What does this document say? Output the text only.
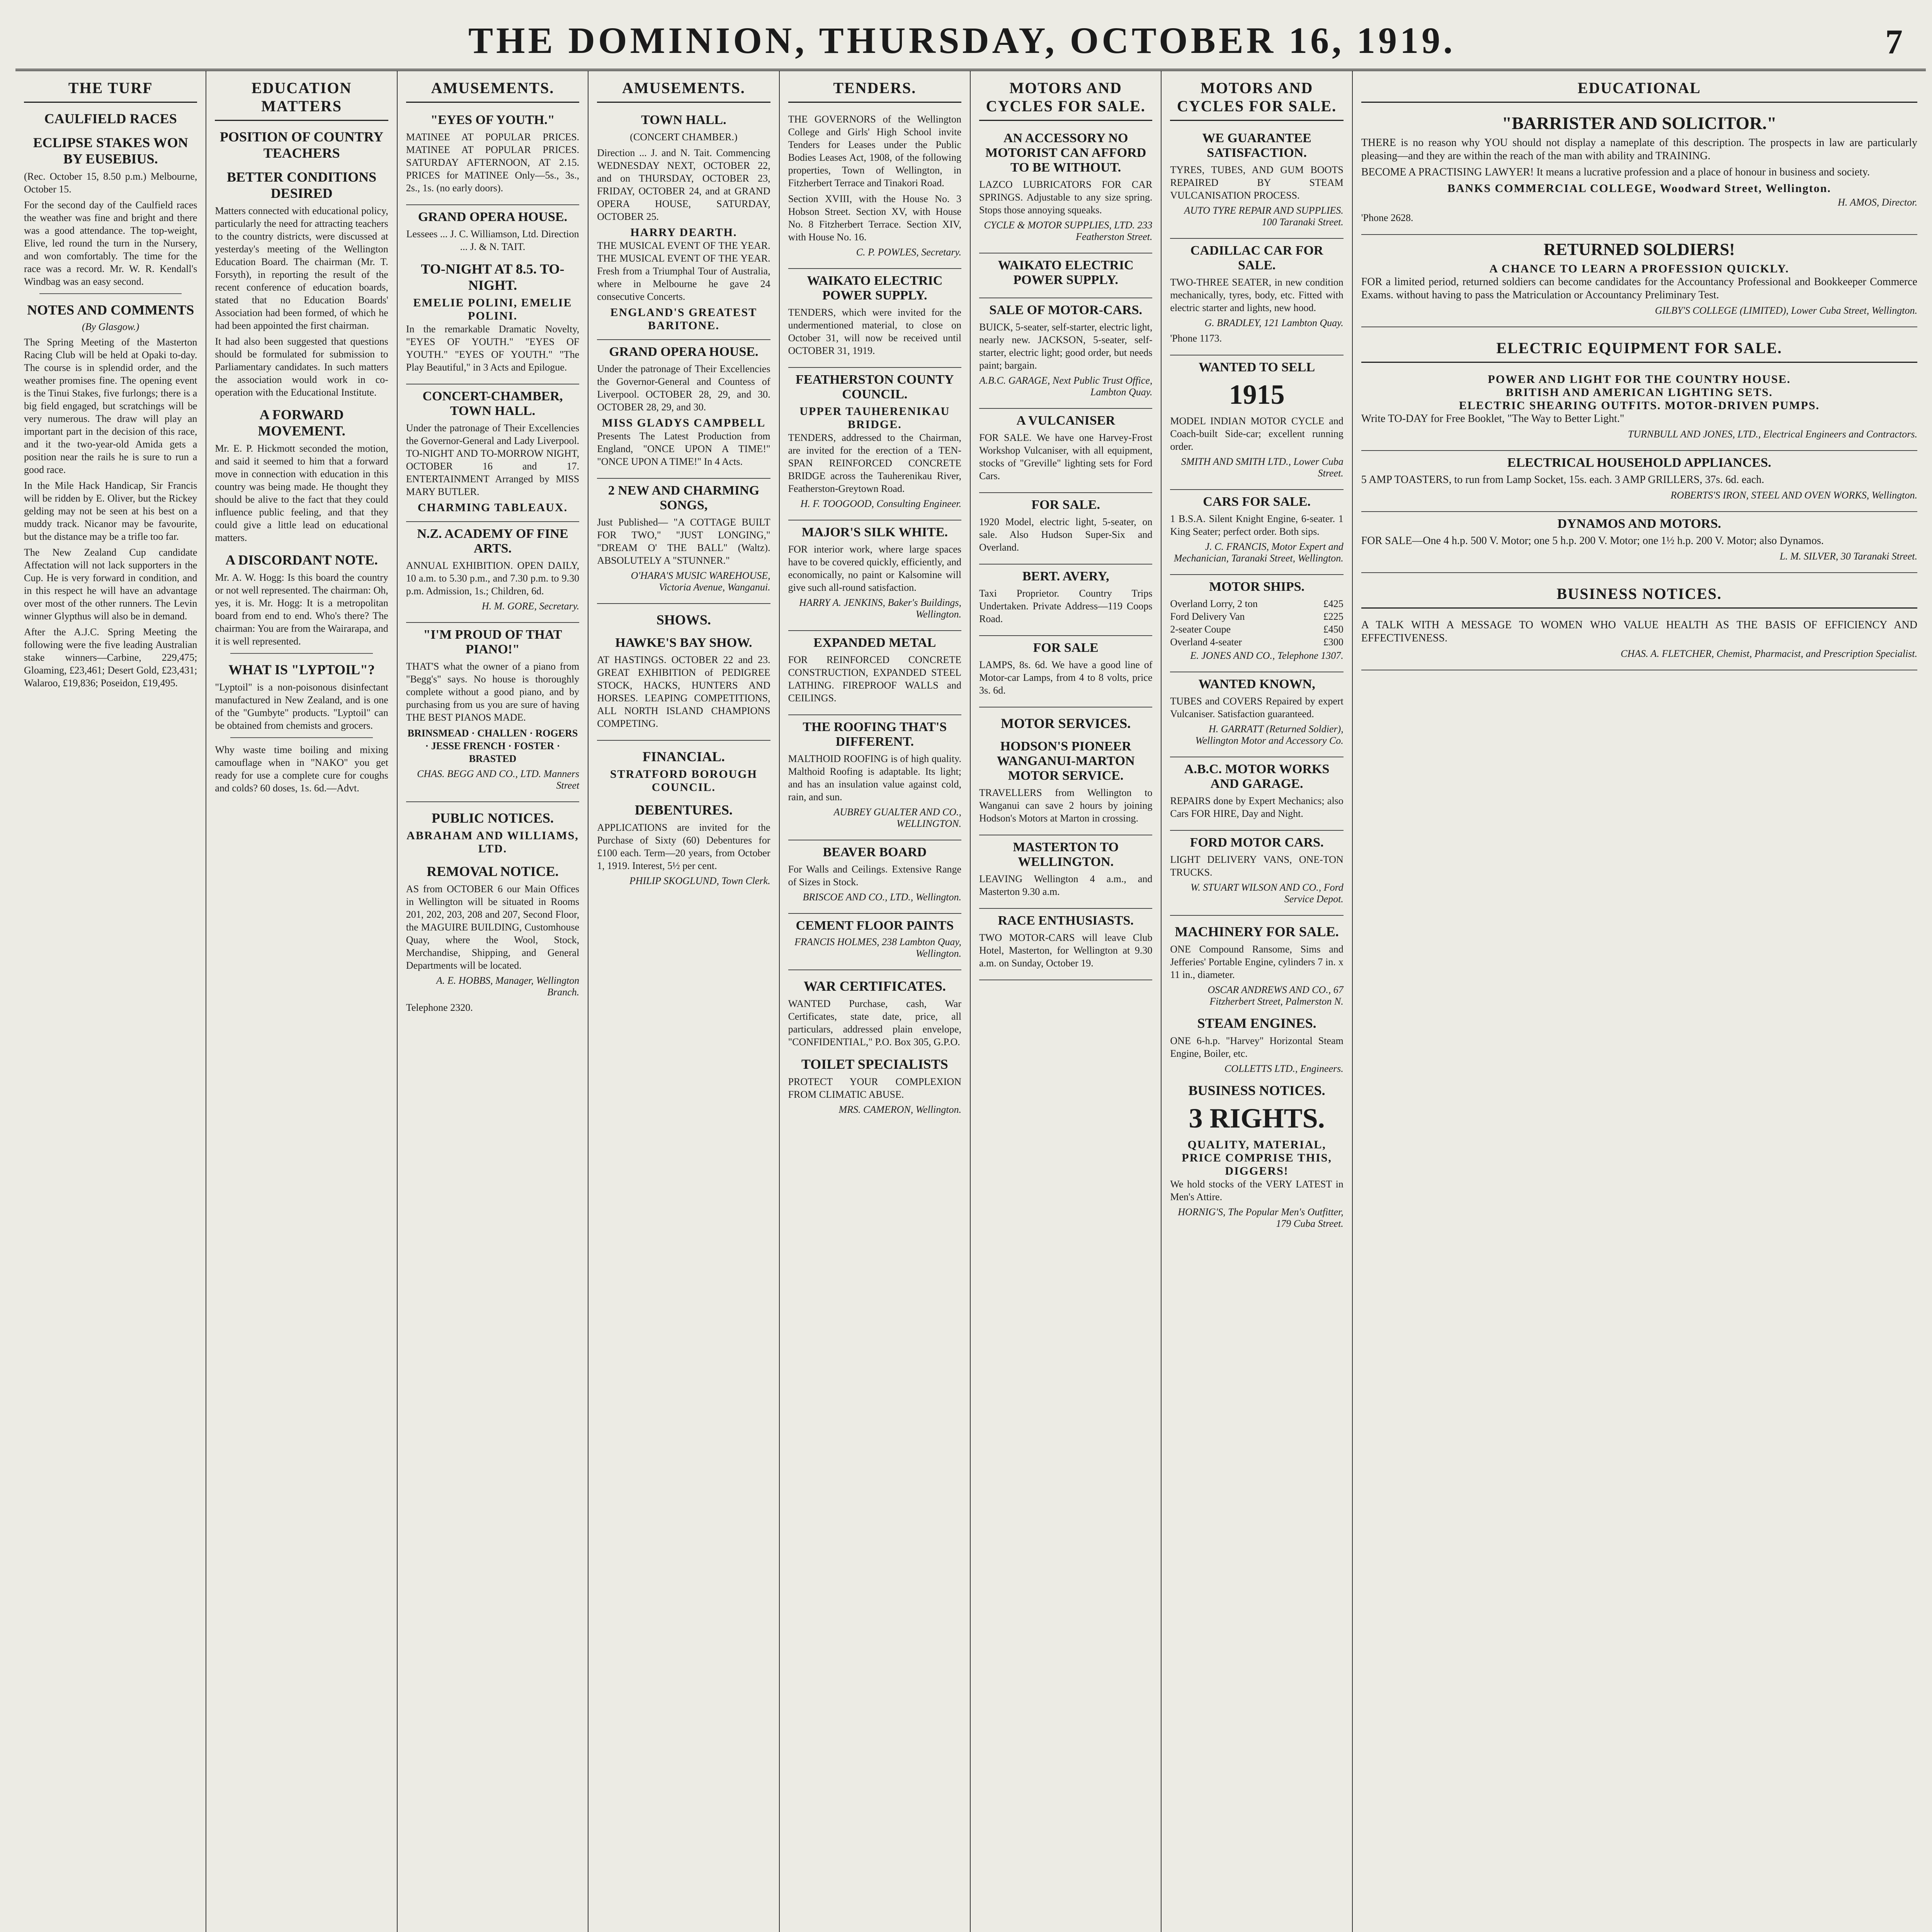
THE DOMINION, THURSDAY, OCTOBER 16, 1919.	7
THE TURF
CAULFIELD RACES
ECLIPSE STAKES WON BY EUSEBIUS.

(Rec. October 15, 8.50 p.m.) Melbourne, October 15.

For the second day of the Caulfield races the weather was fine and bright and there was a good attendance. The top-weight, Elive, led round the turn in the Nursery, and won comfortably. The time for the race was a record. Mr. W. R. Kendall's Windbag was an easy second.

NOTES AND COMMENTS
(By Glasgow.)

The Spring Meeting of the Masterton Racing Club will be held at Opaki to-day. The course is in splendid order, and the weather promises fine. The opening event is the Tinui Stakes, five furlongs; there is a big field engaged, but scratchings will be very numerous. The draw will play an important part in the decision of this race, and it the two-year-old Amida gets a position near the rails he is sure to run a good race.

In the Mile Hack Handicap, Sir Francis will be ridden by E. Oliver, but the Rickey gelding may not be seen at his best on a muddy track. Nicanor may be favourite, but the distance may be a trifle too far.

The New Zealand Cup candidate Affectation will not lack supporters in the Cup. He is very forward in condition, and in this respect he will have an advantage over most of the other runners. The Levin winner Glypthus will also be in demand.

After the A.J.C. Spring Meeting the following were the five leading Australian stake winners—Carbine, 229,475; Gloaming, £23,461; Desert Gold, £23,431; Walaroo, £19,836; Poseidon, £19,495.

EDUCATION MATTERS
POSITION OF COUNTRY TEACHERS
BETTER CONDITIONS DESIRED

Matters connected with educational policy, particularly the need for attracting teachers to the country districts, were discussed at yesterday's meeting of the Wellington Education Board. The chairman (Mr. T. Forsyth), in reporting the result of the recent conference of education boards, stated that no Education Boards' Association had been formed, of which he had been appointed the first chairman.

It had also been suggested that questions should be formulated for submission to Parliamentary candidates. In such matters the association would work in co-operation with the Educational Institute.

A FORWARD MOVEMENT.

Mr. E. P. Hickmott seconded the motion, and said it seemed to him that a forward move in connection with education in this country was being made. He thought they should be alive to the fact that they could influence public feeling, and that they could give a little lead on educational matters.

A DISCORDANT NOTE.

Mr. A. W. Hogg: Is this board the country or not well represented. The chairman: Oh, yes, it is. Mr. Hogg: It is a metropolitan board from end to end. Who's there? The chairman: You are from the Wairarapa, and it is well represented.

WHAT IS "LYPTOIL"?

"Lyptoil" is a non-poisonous disinfectant manufactured in New Zealand, and is one of the "Gumbyte" products. "Lyptoil" can be obtained from chemists and grocers.

Why waste time boiling and mixing camouflage when in "NAKO" you get ready for use a complete cure for coughs and colds? 60 doses, 1s. 6d.—Advt.

AMUSEMENTS.
"EYES OF YOUTH."

MATINEE AT POPULAR PRICES. MATINEE AT POPULAR PRICES. SATURDAY AFTERNOON, AT 2.15. PRICES for MATINEE Only—5s., 3s., 2s., 1s. (no early doors).

GRAND OPERA HOUSE.

Lessees ... J. C. Williamson, Ltd. Direction ... J. & N. TAIT.

TO-NIGHT AT 8.5. TO-NIGHT.
EMELIE POLINI, EMELIE POLINI.

In the remarkable Dramatic Novelty, "EYES OF YOUTH." "EYES OF YOUTH." "EYES OF YOUTH." "The Play Beautiful," in 3 Acts and Epilogue.

CONCERT-CHAMBER, TOWN HALL.

Under the patronage of Their Excellencies the Governor-General and Lady Liverpool. TO-NIGHT AND TO-MORROW NIGHT, OCTOBER 16 and 17. ENTERTAINMENT Arranged by MISS MARY BUTLER.

CHARMING TABLEAUX.
N.Z. ACADEMY OF FINE ARTS.

ANNUAL EXHIBITION. OPEN DAILY, 10 a.m. to 5.30 p.m., and 7.30 p.m. to 9.30 p.m. Admission, 1s.; Children, 6d.

H. M. GORE, Secretary.
"I'M PROUD OF THAT PIANO!"

THAT'S what the owner of a piano from "Begg's" says. No house is thoroughly complete without a good piano, and by purchasing from us you are sure of having THE BEST PIANOS MADE.

BRINSMEAD · CHALLEN · ROGERS · JESSE FRENCH · FOSTER · BRASTED

CHAS. BEGG AND CO., LTD. Manners Street
PUBLIC NOTICES.
ABRAHAM AND WILLIAMS, LTD.
REMOVAL NOTICE.

AS from OCTOBER 6 our Main Offices in Wellington will be situated in Rooms 201, 202, 203, 208 and 207, Second Floor, the MAGUIRE BUILDING, Customhouse Quay, where the Wool, Stock, Merchandise, Shipping, and General Departments will be located.

A. E. HOBBS, Manager, Wellington Branch.

Telephone 2320.

AMUSEMENTS.
TOWN HALL.

(CONCERT CHAMBER.)

Direction ... J. and N. Tait. Commencing WEDNESDAY NEXT, OCTOBER 22, and on THURSDAY, OCTOBER 23, FRIDAY, OCTOBER 24, and at GRAND OPERA HOUSE, SATURDAY, OCTOBER 25.

HARRY DEARTH.

THE MUSICAL EVENT OF THE YEAR. THE MUSICAL EVENT OF THE YEAR. Fresh from a Triumphal Tour of Australia, where in Melbourne he gave 24 consecutive Concerts.

ENGLAND'S GREATEST BARITONE.
GRAND OPERA HOUSE.

Under the patronage of Their Excellencies the Governor-General and Countess of Liverpool. OCTOBER 28, 29, and 30. OCTOBER 28, 29, and 30.

MISS GLADYS CAMPBELL

Presents The Latest Production from England, "ONCE UPON A TIME!" "ONCE UPON A TIME!" In 4 Acts.

2 NEW AND CHARMING SONGS,

Just Published— "A COTTAGE BUILT FOR TWO," "JUST LONGING," "DREAM O' THE BALL" (Waltz). ABSOLUTELY A "STUNNER."

O'HARA'S MUSIC WAREHOUSE, Victoria Avenue, Wanganui.
SHOWS.
HAWKE'S BAY SHOW.

AT HASTINGS. OCTOBER 22 and 23. GREAT EXHIBITION of PEDIGREE STOCK, HACKS, HUNTERS AND HORSES. LEAPING COMPETITIONS, ALL NORTH ISLAND CHAMPIONS COMPETING.

FINANCIAL.
STRATFORD BOROUGH COUNCIL.
DEBENTURES.

APPLICATIONS are invited for the Purchase of Sixty (60) Debentures for £100 each. Term—20 years, from October 1, 1919. Interest, 5½ per cent.

PHILIP SKOGLUND, Town Clerk.
TENDERS.

THE GOVERNORS of the Wellington College and Girls' High School invite Tenders for Leases under the Public Bodies Leases Act, 1908, of the following properties, Town of Wellington, in Fitzherbert Terrace and Tinakori Road.

Section XVIII, with the House No. 3 Hobson Street. Section XV, with House No. 8 Fitzherbert Terrace. Section XIV, with House No. 16.

C. P. POWLES, Secretary.
WAIKATO ELECTRIC POWER SUPPLY.

TENDERS, which were invited for the undermentioned material, to close on October 31, will now be received until OCTOBER 31, 1919.

FEATHERSTON COUNTY COUNCIL.
UPPER TAUHERENIKAU BRIDGE.

TENDERS, addressed to the Chairman, are invited for the erection of a TEN-SPAN REINFORCED CONCRETE BRIDGE across the Tauherenikau River, Featherston-Greytown Road.

H. F. TOOGOOD, Consulting Engineer.
MAJOR'S SILK WHITE.

FOR interior work, where large spaces have to be covered quickly, efficiently, and economically, no paint or Kalsomine will give such all-round satisfaction.

HARRY A. JENKINS, Baker's Buildings, Wellington.
EXPANDED METAL

FOR REINFORCED CONCRETE CONSTRUCTION, EXPANDED STEEL LATHING. FIREPROOF WALLS and CEILINGS.

THE ROOFING THAT'S DIFFERENT.

MALTHOID ROOFING is of high quality. Malthoid Roofing is adaptable. Its light; and has an insulation value against cold, rain, and sun.

AUBREY GUALTER AND CO., WELLINGTON.
BEAVER BOARD

For Walls and Ceilings. Extensive Range of Sizes in Stock.

BRISCOE AND CO., LTD., Wellington.
CEMENT FLOOR PAINTS
FRANCIS HOLMES, 238 Lambton Quay, Wellington.
WAR CERTIFICATES.

WANTED Purchase, cash, War Certificates, state date, price, all particulars, addressed plain envelope, "CONFIDENTIAL," P.O. Box 305, G.P.O.

TOILET SPECIALISTS

PROTECT YOUR COMPLEXION FROM CLIMATIC ABUSE.

MRS. CAMERON, Wellington.
MOTORS AND CYCLES FOR SALE.
AN ACCESSORY NO MOTORIST CAN AFFORD TO BE WITHOUT.

LAZCO LUBRICATORS FOR CAR SPRINGS. Adjustable to any size spring. Stops those annoying squeaks.

CYCLE & MOTOR SUPPLIES, LTD. 233 Featherston Street.
WAIKATO ELECTRIC POWER SUPPLY.
SALE OF MOTOR-CARS.

BUICK, 5-seater, self-starter, electric light, nearly new. JACKSON, 5-seater, self-starter, electric light; good order, but needs paint; bargain.

A.B.C. GARAGE, Next Public Trust Office, Lambton Quay.
A VULCANISER

FOR SALE. We have one Harvey-Frost Workshop Vulcaniser, with all equipment, stocks of "Greville" lighting sets for Ford Cars.

FOR SALE.

1920 Model, electric light, 5-seater, on sale. Also Hudson Super-Six and Overland.

BERT. AVERY,

Taxi Proprietor. Country Trips Undertaken. Private Address—119 Coops Road.

FOR SALE

LAMPS, 8s. 6d. We have a good line of Motor-car Lamps, from 4 to 8 volts, price 3s. 6d.

MOTOR SERVICES.
HODSON'S PIONEER WANGANUI-MARTON MOTOR SERVICE.

TRAVELLERS from Wellington to Wanganui can save 2 hours by joining Hodson's Motors at Marton in crossing.

MASTERTON TO WELLINGTON.

LEAVING Wellington 4 a.m., and Masterton 9.30 a.m.

RACE ENTHUSIASTS.

TWO MOTOR-CARS will leave Club Hotel, Masterton, for Wellington at 9.30 a.m. on Sunday, October 19.

MOTORS AND CYCLES FOR SALE.
WE GUARANTEE SATISFACTION.

TYRES, TUBES, AND GUM BOOTS REPAIRED BY STEAM VULCANISATION PROCESS.

AUTO TYRE REPAIR AND SUPPLIES. 100 Taranaki Street.
CADILLAC CAR FOR SALE.

TWO-THREE SEATER, in new condition mechanically, tyres, body, etc. Fitted with electric starter and lights, new hood.

G. BRADLEY, 121 Lambton Quay.

'Phone 1173.

WANTED TO SELL
1915

MODEL INDIAN MOTOR CYCLE and Coach-built Side-car; excellent running order.

SMITH AND SMITH LTD., Lower Cuba Street.
CARS FOR SALE.

1 B.S.A. Silent Knight Engine, 6-seater. 1 King Seater; perfect order. Both sips.

J. C. FRANCIS, Motor Expert and Mechanician, Taranaki Street, Wellington.
MOTOR SHIPS.
Overland Lorry, 2 ton	£425
Ford Delivery Van	£225
2-seater Coupe	£450
Overland 4-seater	£300
E. JONES AND CO., Telephone 1307.
WANTED KNOWN,

TUBES and COVERS Repaired by expert Vulcaniser. Satisfaction guaranteed.

H. GARRATT (Returned Soldier), Wellington Motor and Accessory Co.
A.B.C. MOTOR WORKS AND GARAGE.

REPAIRS done by Expert Mechanics; also Cars FOR HIRE, Day and Night.

FORD MOTOR CARS.

LIGHT DELIVERY VANS, ONE-TON TRUCKS.

W. STUART WILSON AND CO., Ford Service Depot.
MACHINERY FOR SALE.

ONE Compound Ransome, Sims and Jefferies' Portable Engine, cylinders 7 in. x 11 in., diameter.

OSCAR ANDREWS AND CO., 67 Fitzherbert Street, Palmerston N.
STEAM ENGINES.

ONE 6-h.p. "Harvey" Horizontal Steam Engine, Boiler, etc.

COLLETTS LTD., Engineers.
BUSINESS NOTICES.
3 RIGHTS.
QUALITY, MATERIAL, PRICE COMPRISE THIS, DIGGERS!

We hold stocks of the VERY LATEST in Men's Attire.

HORNIG'S, The Popular Men's Outfitter, 179 Cuba Street.
EDUCATIONAL
"BARRISTER AND SOLICITOR."

THERE is no reason why YOU should not display a nameplate of this description. The prospects in law are particularly pleasing—and they are within the reach of the man with ability and TRAINING.

BECOME A PRACTISING LAWYER! It means a lucrative profession and a place of honour in business and society.

BANKS COMMERCIAL COLLEGE, Woodward Street, Wellington.
H. AMOS, Director.

'Phone 2628.

RETURNED SOLDIERS!
A CHANCE TO LEARN A PROFESSION QUICKLY.

FOR a limited period, returned soldiers can become candidates for the Accountancy Professional and Bookkeeper Commerce Exams. without having to pass the Matriculation or Accountancy Preliminary Test.

GILBY'S COLLEGE (LIMITED), Lower Cuba Street, Wellington.
ELECTRIC EQUIPMENT FOR SALE.
POWER AND LIGHT FOR THE COUNTRY HOUSE.
BRITISH AND AMERICAN LIGHTING SETS.
ELECTRIC SHEARING OUTFITS. MOTOR-DRIVEN PUMPS.

Write TO-DAY for Free Booklet, "The Way to Better Light."

TURNBULL AND JONES, LTD., Electrical Engineers and Contractors.
ELECTRICAL HOUSEHOLD APPLIANCES.

5 AMP TOASTERS, to run from Lamp Socket, 15s. each. 3 AMP GRILLERS, 37s. 6d. each.

ROBERTS'S IRON, STEEL AND OVEN WORKS, Wellington.
DYNAMOS AND MOTORS.

FOR SALE—One 4 h.p. 500 V. Motor; one 5 h.p. 200 V. Motor; one 1½ h.p. 200 V. Motor; also Dynamos.

L. M. SILVER, 30 Taranaki Street.
BUSINESS NOTICES.

A TALK WITH A MESSAGE TO WOMEN WHO VALUE HEALTH AS THE BASIS OF EFFICIENCY AND EFFECTIVENESS.

CHAS. A. FLETCHER, Chemist, Pharmacist, and Prescription Specialist.
